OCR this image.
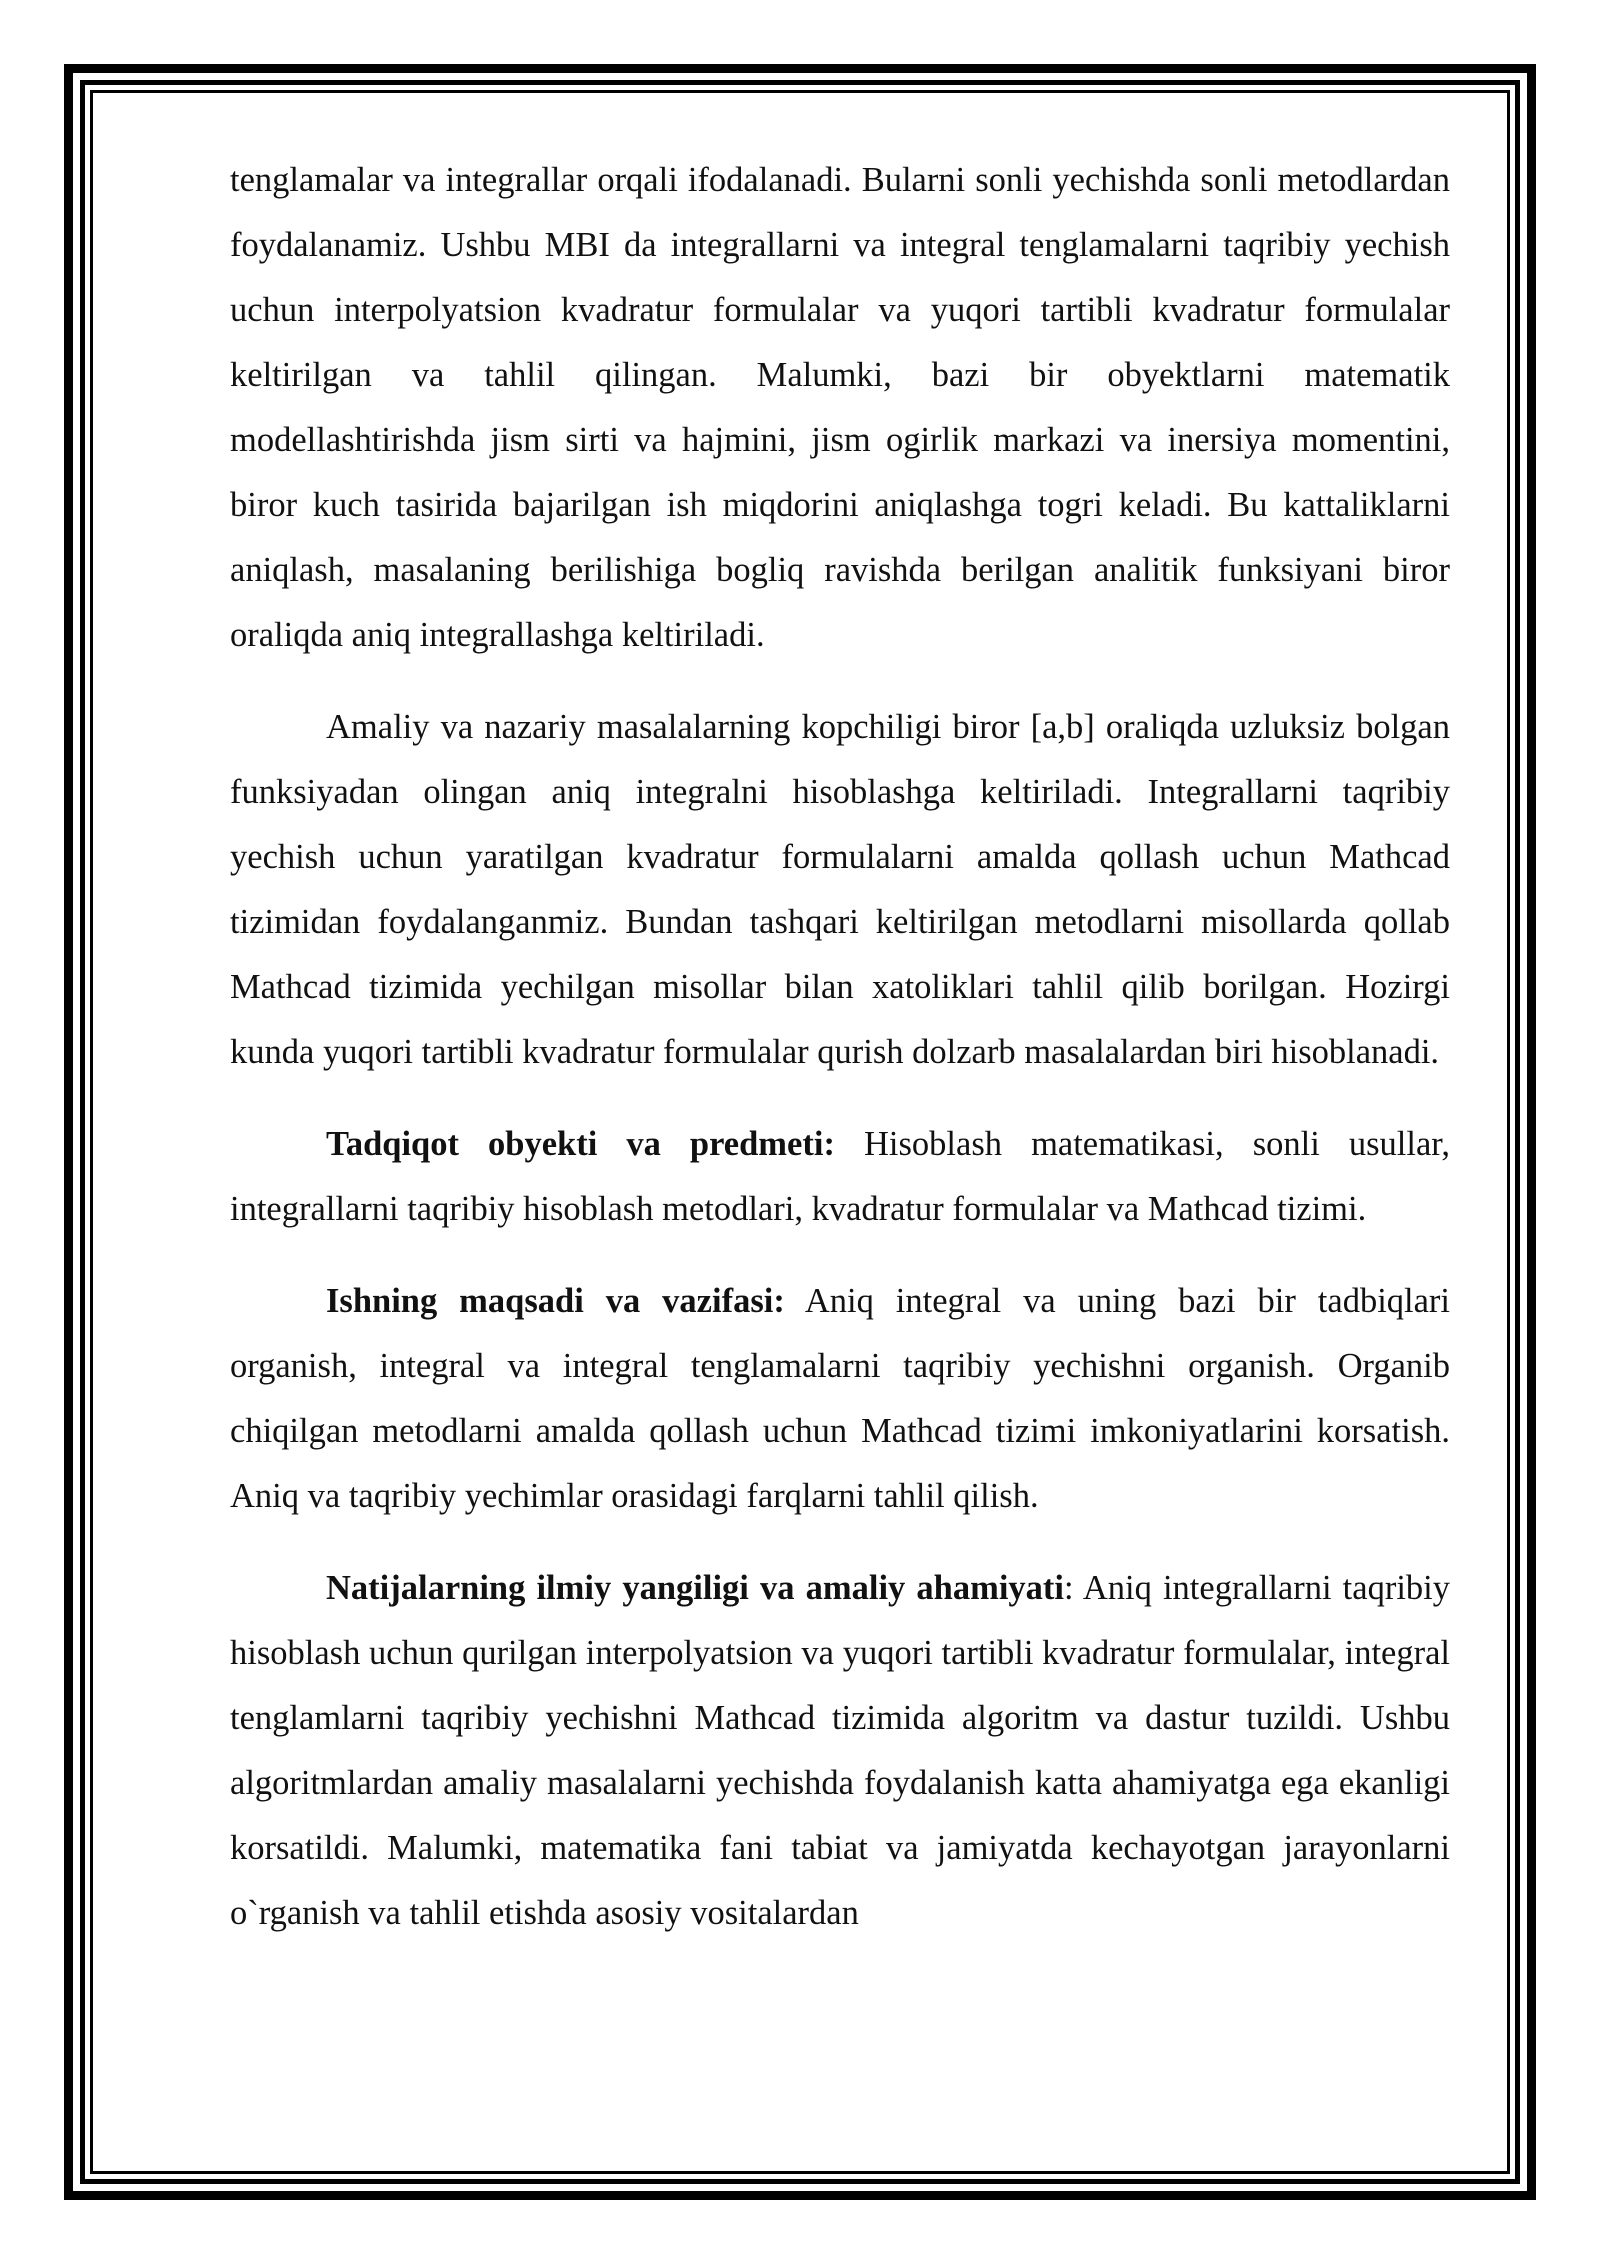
tenglamalar va integrallar orqali ifodalanadi. Bularni sonli yechishda sonli metodlardan foydalanamiz. Ushbu MBI da integrallarni va integral tenglamalarni taqribiy yechish uchun interpolyatsion kvadratur formulalar va yuqori tartibli kvadratur formulalar keltirilgan va tahlil qilingan. Malumki, bazi bir obyektlarni matematik modellashtirishda jism sirti va hajmini, jism ogirlik markazi va inersiya momentini, biror kuch tasirida bajarilgan ish miqdorini aniqlashga togri keladi. Bu kattaliklarni aniqlash, masalaning berilishiga bogliq ravishda berilgan analitik funksiyani biror oraliqda aniq integrallashga keltiriladi.

Amaliy va nazariy masalalarning kopchiligi biror [a,b] oraliqda uzluksiz bolgan funksiyadan olingan aniq integralni hisoblashga keltiriladi. Integrallarni taqribiy yechish uchun yaratilgan kvadratur formulalarni amalda qollash uchun Mathcad tizimidan foydalanganmiz. Bundan tashqari keltirilgan metodlarni misollarda qollab Mathcad tizimida yechilgan misollar bilan xatoliklari tahlil qilib borilgan. Hozirgi kunda yuqori tartibli kvadratur formulalar qurish dolzarb masalalardan biri hisoblanadi.

Tadqiqot obyekti va predmeti: Hisoblash matematikasi, sonli usullar, integrallarni taqribiy hisoblash metodlari, kvadratur formulalar va Mathcad tizimi.

Ishning maqsadi va vazifasi: Aniq integral va uning bazi bir tadbiqlari organish, integral va integral tenglamalarni taqribiy yechishni organish. Organib chiqilgan metodlarni amalda qollash uchun Mathcad tizimi imkoniyatlarini korsatish. Aniq va taqribiy yechimlar orasidagi farqlarni tahlil qilish.

Natijalarning ilmiy yangiligi va amaliy ahamiyati: Aniq integrallarni taqribiy hisoblash uchun qurilgan interpolyatsion va yuqori tartibli kvadratur formulalar, integral tenglamlarni taqribiy yechishni Mathcad tizimida algoritm va dastur tuzildi. Ushbu algoritmlardan amaliy masalalarni yechishda foydalanish katta ahamiyatga ega ekanligi korsatildi. Malumki, matematika fani tabiat va jamiyatda kechayotgan jarayonlarni o`rganish va tahlil etishda asosiy vositalardan
